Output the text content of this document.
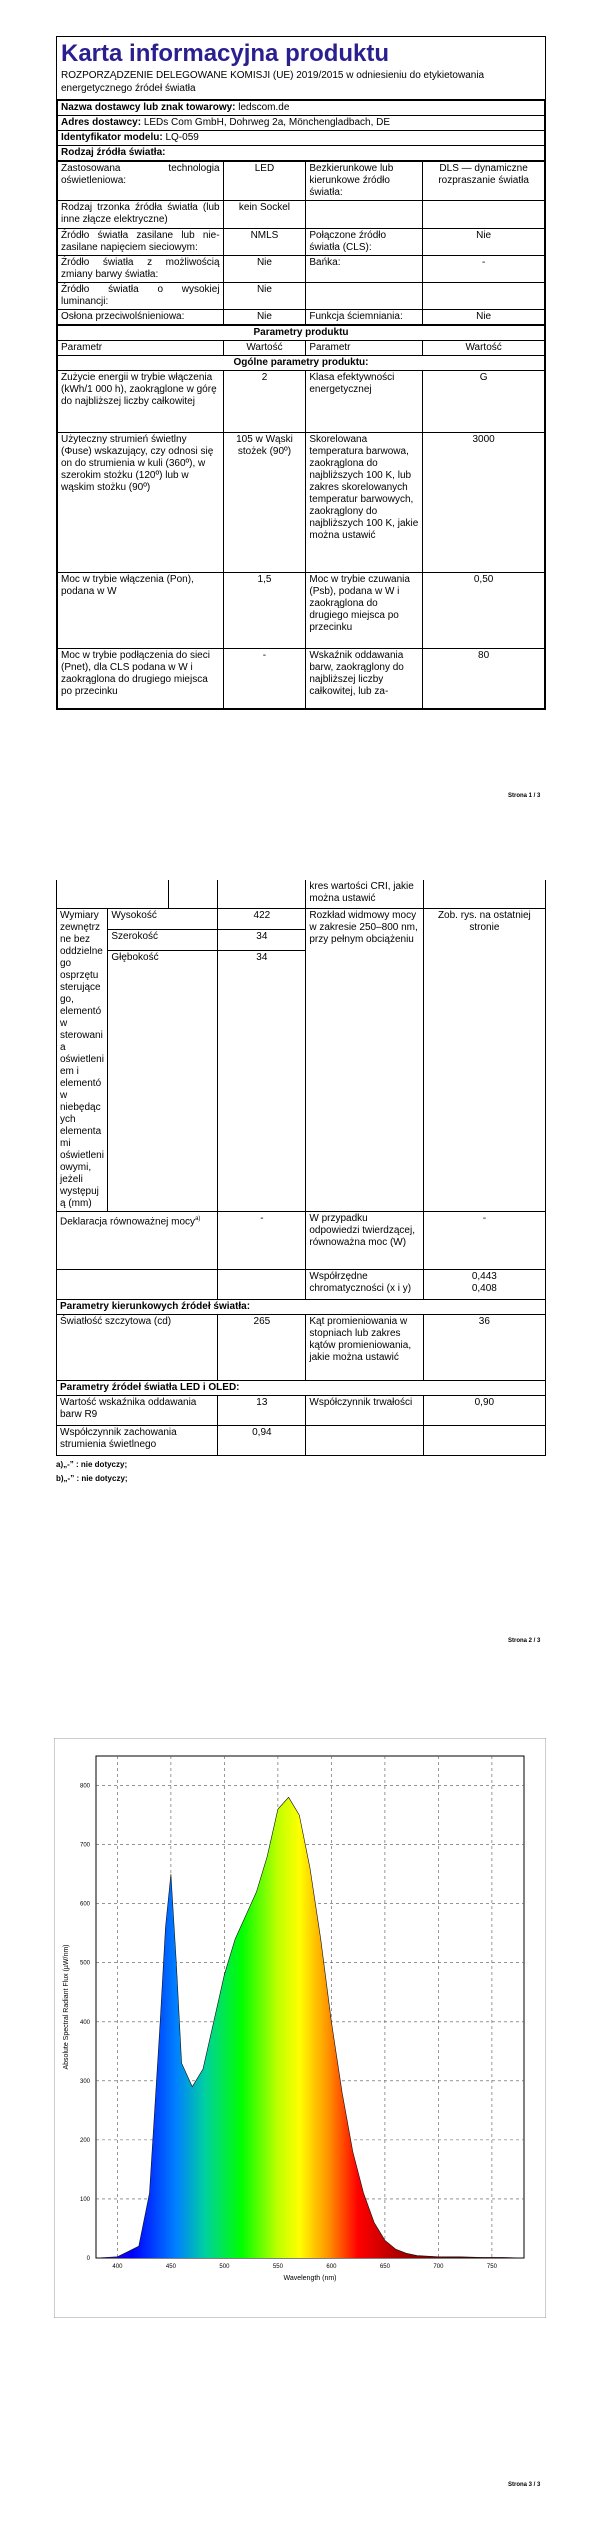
Karta informacyjna produktu
ROZPORZĄDZENIE DELEGOWANE KOMISJI (UE) 2019/2015 w odniesieniu do etykietowania energetycznego źródeł światła
Nazwa dostawcy lub znak towarowy: ledscom.de
Adres dostawcy: LEDs Com GmbH, Dohrweg 2a, Mönchengladbach, DE
Identyfikator modelu: LQ-059
Rodzaj źródła światła:
Zastosowana technologia oświetleniowa:	LED	Bezkierunkowe lub kierunkowe źródło światła:	DLS — dynamiczne rozpraszanie światła
Rodzaj trzonka źródła światła (lub inne złącze elektryczne)	kein Sockel		
Źródło światła zasilane lub nie-zasilane napięciem sieciowym:	NMLS	Połączone źródło światła (CLS):	Nie
Źródło światła z możliwością zmiany barwy światła:	Nie	Bańka:	-
Źródło światła o wysokiej luminancji:	Nie		
Osłona przeciwolśnieniowa:	Nie	Funkcja ściemniania:	Nie
Parametry produktu			
Parametr	Wartość	Parametr	Wartość
Ogólne parametry produktu:			
Zużycie energii w trybie włączenia (kWh/1 000 h), zaokrąglone w górę do najbliższej liczby całkowitej	2	Klasa efektywności energetycznej	G
Użyteczny strumień świetlny (Φuse) wskazujący, czy odnosi się on do strumienia w kuli (360º), w szerokim stożku (120º) lub w wąskim stożku (90º)	105 w Wąski stożek (90º)	Skorelowana temperatura barwowa, zaokrąglona do najbliższych 100 K, lub zakres skorelowanych temperatur barwowych, zaokrąglony do najbliższych 100 K, jakie można ustawić	3000
Moc w trybie włączenia (Pon), podana w W	1,5	Moc w trybie czuwania (Psb), podana w W i zaokrąglona do drugiego miejsca po przecinku	0,50
Moc w trybie podłączenia do sieci (Pnet), dla CLS podana w W i zaokrąglona do drugiego miejsca po przecinku	-	Wskaźnik oddawania barw, zaokrąglony do najbliższej liczby całkowitej, lub za-	80
Strona 1 / 3
				kres wartości CRI, jakie można ustawić	
Wymiary zewnętrzne bez oddzielnego osprzętu sterującego, elementów sterowania oświetleniem i elementów niebędących elementami oświetleniowymi, jeżeli występują (mm)	Wysokość		422	Rozkład widmowy mocy w zakresie 250–800 nm, przy pełnym obciążeniu	Zob. rys. na ostatniej stronie
	Szerokość		34		
	Głębokość		34		
Deklaracja równoważnej mocy$^{a)}$			-	W przypadku odpowiedzi twierdzącej, równoważna moc (W)	-
				Współrzędne chromatyczności (x i y)	0,443
0,408

Parametry kierunkowych źródeł światła:					
Światłość szczytowa (cd)			265	Kąt promieniowania w stopniach lub zakres kątów promieniowania, jakie można ustawić	36
Parametry źródeł światła LED i OLED:					
Wartość wskaźnika oddawania barw R9			13	Współczynnik trwałości	0,90
Współczynnik zachowania strumienia świetlnego			0,94		
a)„-” : nie dotyczy;
b)„-” : nie dotyczy;
Strona 2 / 3
400	450	500	550	600	650	700	750
0
100
200
300
400
500
600
700
800
Wavelength (nm)
Absolute Spectral Radiant Flux (µW/nm)
Strona 3 / 3
